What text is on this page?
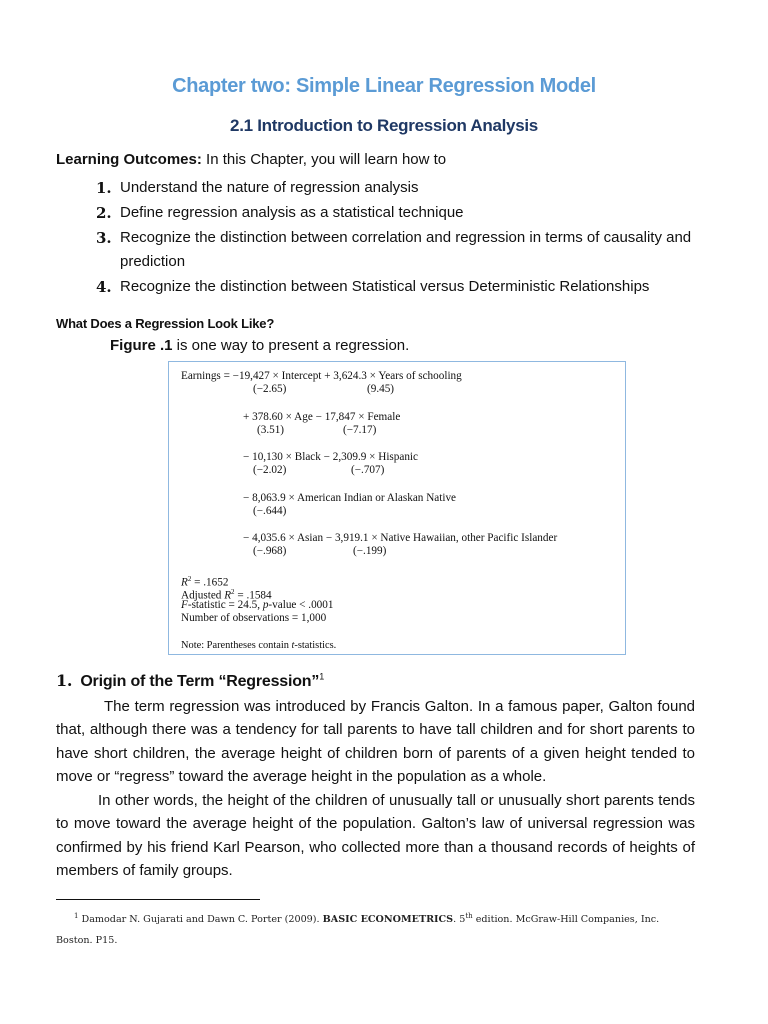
Chapter two: Simple Linear Regression Model
2.1 Introduction to Regression Analysis
Learning Outcomes: In this Chapter, you will learn how to
1. Understand the nature of regression analysis
2. Define regression analysis as a statistical technique
3. Recognize the distinction between correlation and regression in terms of causality and prediction
4. Recognize the distinction between Statistical versus Deterministic Relationships
What Does a Regression Look Like?
Figure .1 is one way to present a regression.
Earnings = −19,427 × Intercept + 3,624.3 × Years of schooling
(−2.65)	(9.45)
+ 378.60 × Age − 17,847 × Female
(3.51)	(−7.17)
− 10,130 × Black − 2,309.9 × Hispanic
(−2.02)	(−.707)
− 8,063.9 × American Indian or Alaskan Native
(−.644)
− 4,035.6 × Asian − 3,919.1 × Native Hawaiian, other Pacific Islander
(−.968)	(−.199)
$R^2 = .1652$
Adjusted $R^2 = .1584$
F-statistic = 24.5, p-value < .0001
Number of observations = 1,000
Note: Parentheses contain t-statistics.
1. Origin of the Term “Regression”$^1$

The term regression was introduced by Francis Galton. In a famous paper, Galton found that, although there was a tendency for tall parents to have tall children and for short parents to have short children, the average height of children born of parents of a given height tended to move or “regress” toward the average height in the population as a whole.

In other words, the height of the children of unusually tall or unusually short parents tends to move toward the average height of the population. Galton’s law of universal regression was confirmed by his friend Karl Pearson, who collected more than a thousand records of heights of members of family groups.

$^1$ Damodar N. Gujarati and Dawn C. Porter (2009). BASIC ECONOMETRICS. 5th edition. McGraw-Hill Companies, Inc. Boston. P15.
